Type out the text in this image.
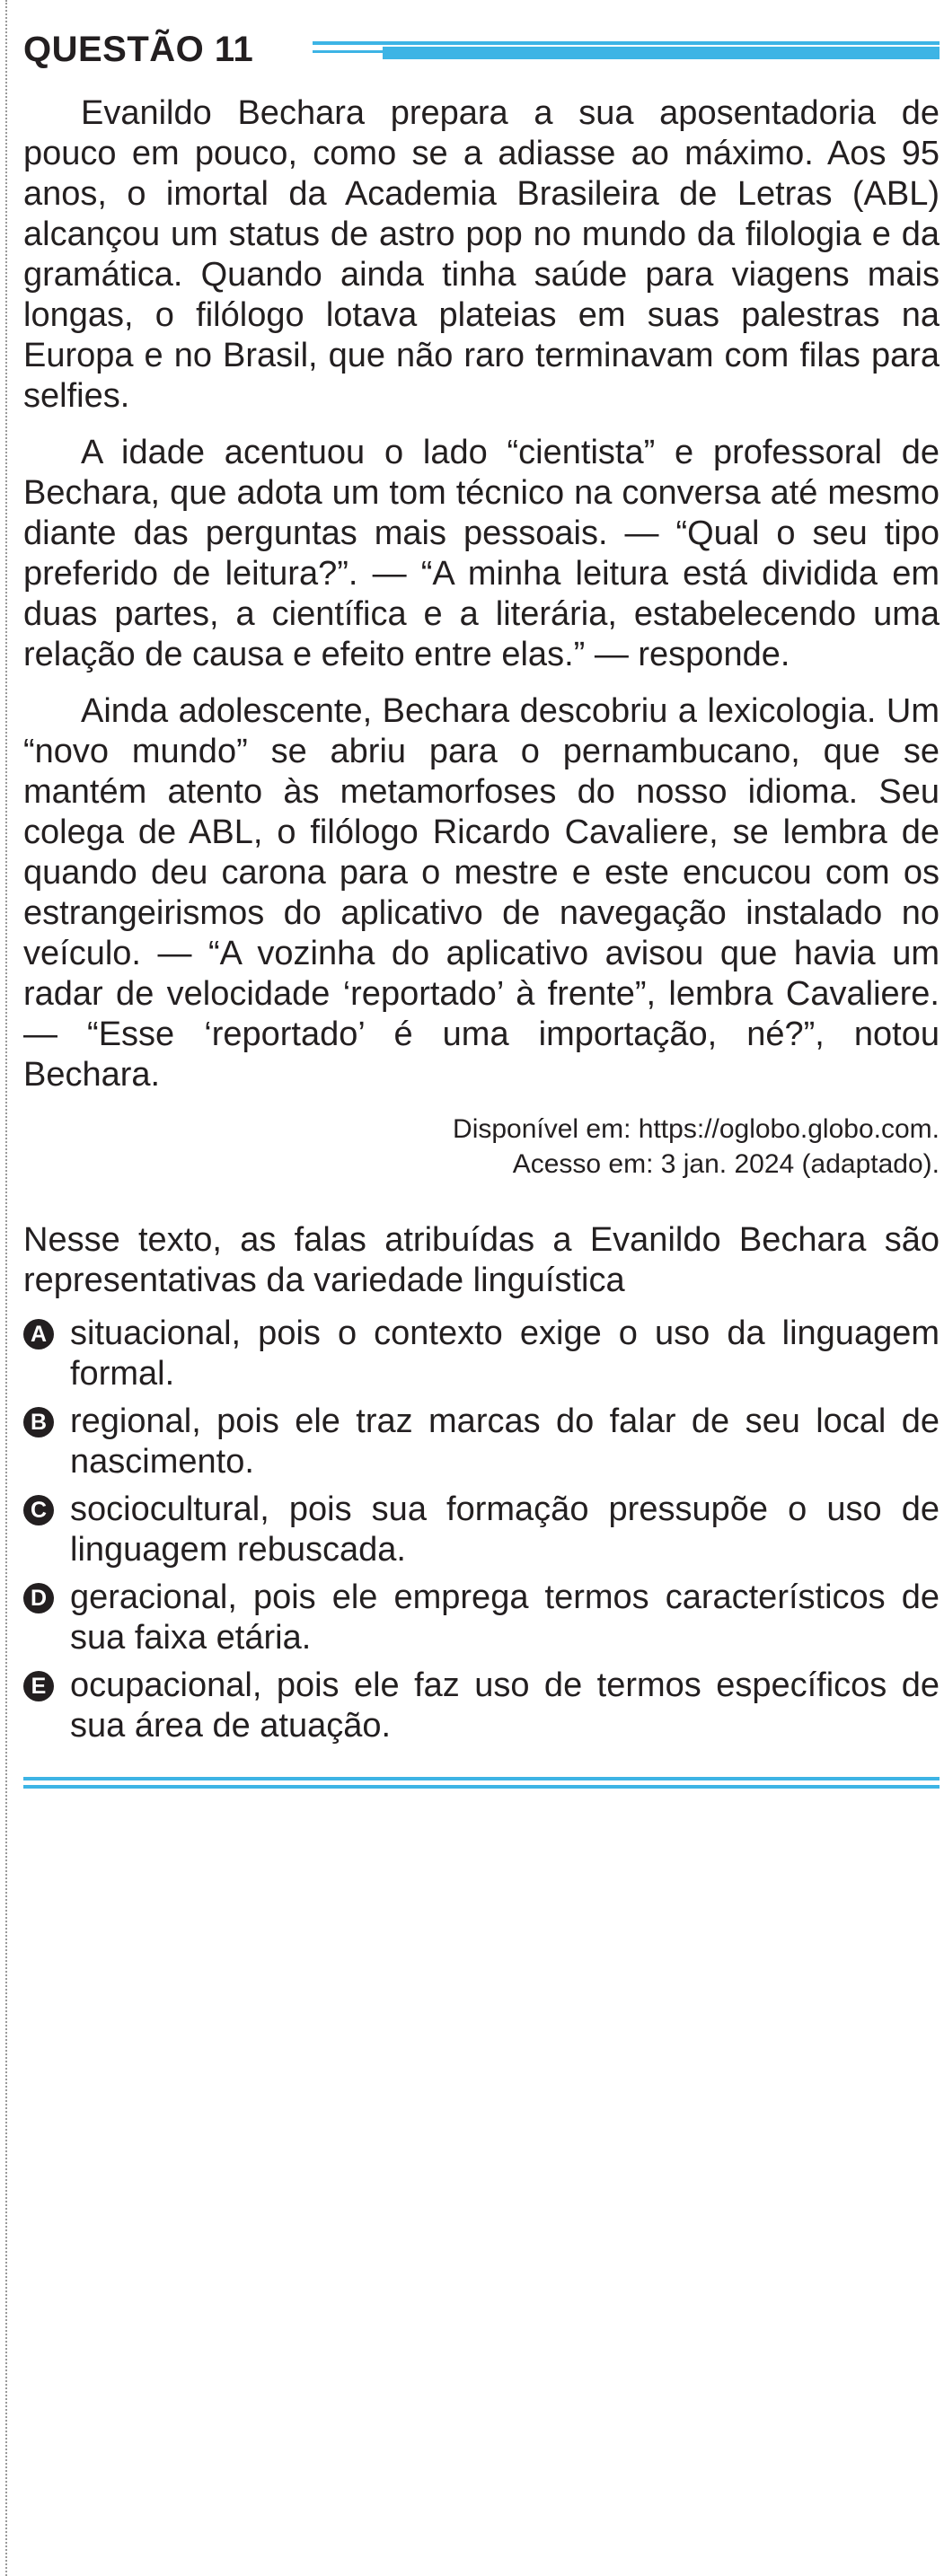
QUESTÃO 11

Evanildo Bechara prepara a sua aposentadoria de pouco em pouco, como se a adiasse ao máximo. Aos 95 anos, o imortal da Academia Brasileira de Letras (ABL) alcançou um status de astro pop no mundo da filologia e da gramática. Quando ainda tinha saúde para viagens mais longas, o filólogo lotava plateias em suas palestras na Europa e no Brasil, que não raro terminavam com filas para selfies.

A idade acentuou o lado “cientista” e professoral de Bechara, que adota um tom técnico na conversa até mesmo diante das perguntas mais pessoais. — “Qual o seu tipo preferido de leitura?”. — “A minha leitura está dividida em duas partes, a científica e a literária, estabelecendo uma relação de causa e efeito entre elas.” — responde.

Ainda adolescente, Bechara descobriu a lexicologia. Um “novo mundo” se abriu para o pernambucano, que se mantém atento às metamorfoses do nosso idioma. Seu colega de ABL, o filólogo Ricardo Cavaliere, se lembra de quando deu carona para o mestre e este encucou com os estrangeirismos do aplicativo de navegação instalado no veículo. — “A vozinha do aplicativo avisou que havia um radar de velocidade ‘reportado’ à frente”, lembra Cavaliere. — “Esse ‘reportado’ é uma importação, né?”, notou Bechara.

Disponível em: https://oglobo.globo.com.
Acesso em: 3 jan. 2024 (adaptado).
Nesse texto, as falas atribuídas a Evanildo Bechara são representativas da variedade linguística
A situacional, pois o contexto exige o uso da linguagem formal.
B regional, pois ele traz marcas do falar de seu local de nascimento.
C sociocultural, pois sua formação pressupõe o uso de linguagem rebuscada.
D geracional, pois ele emprega termos característicos de sua faixa etária.
E ocupacional, pois ele faz uso de termos específicos de sua área de atuação.
